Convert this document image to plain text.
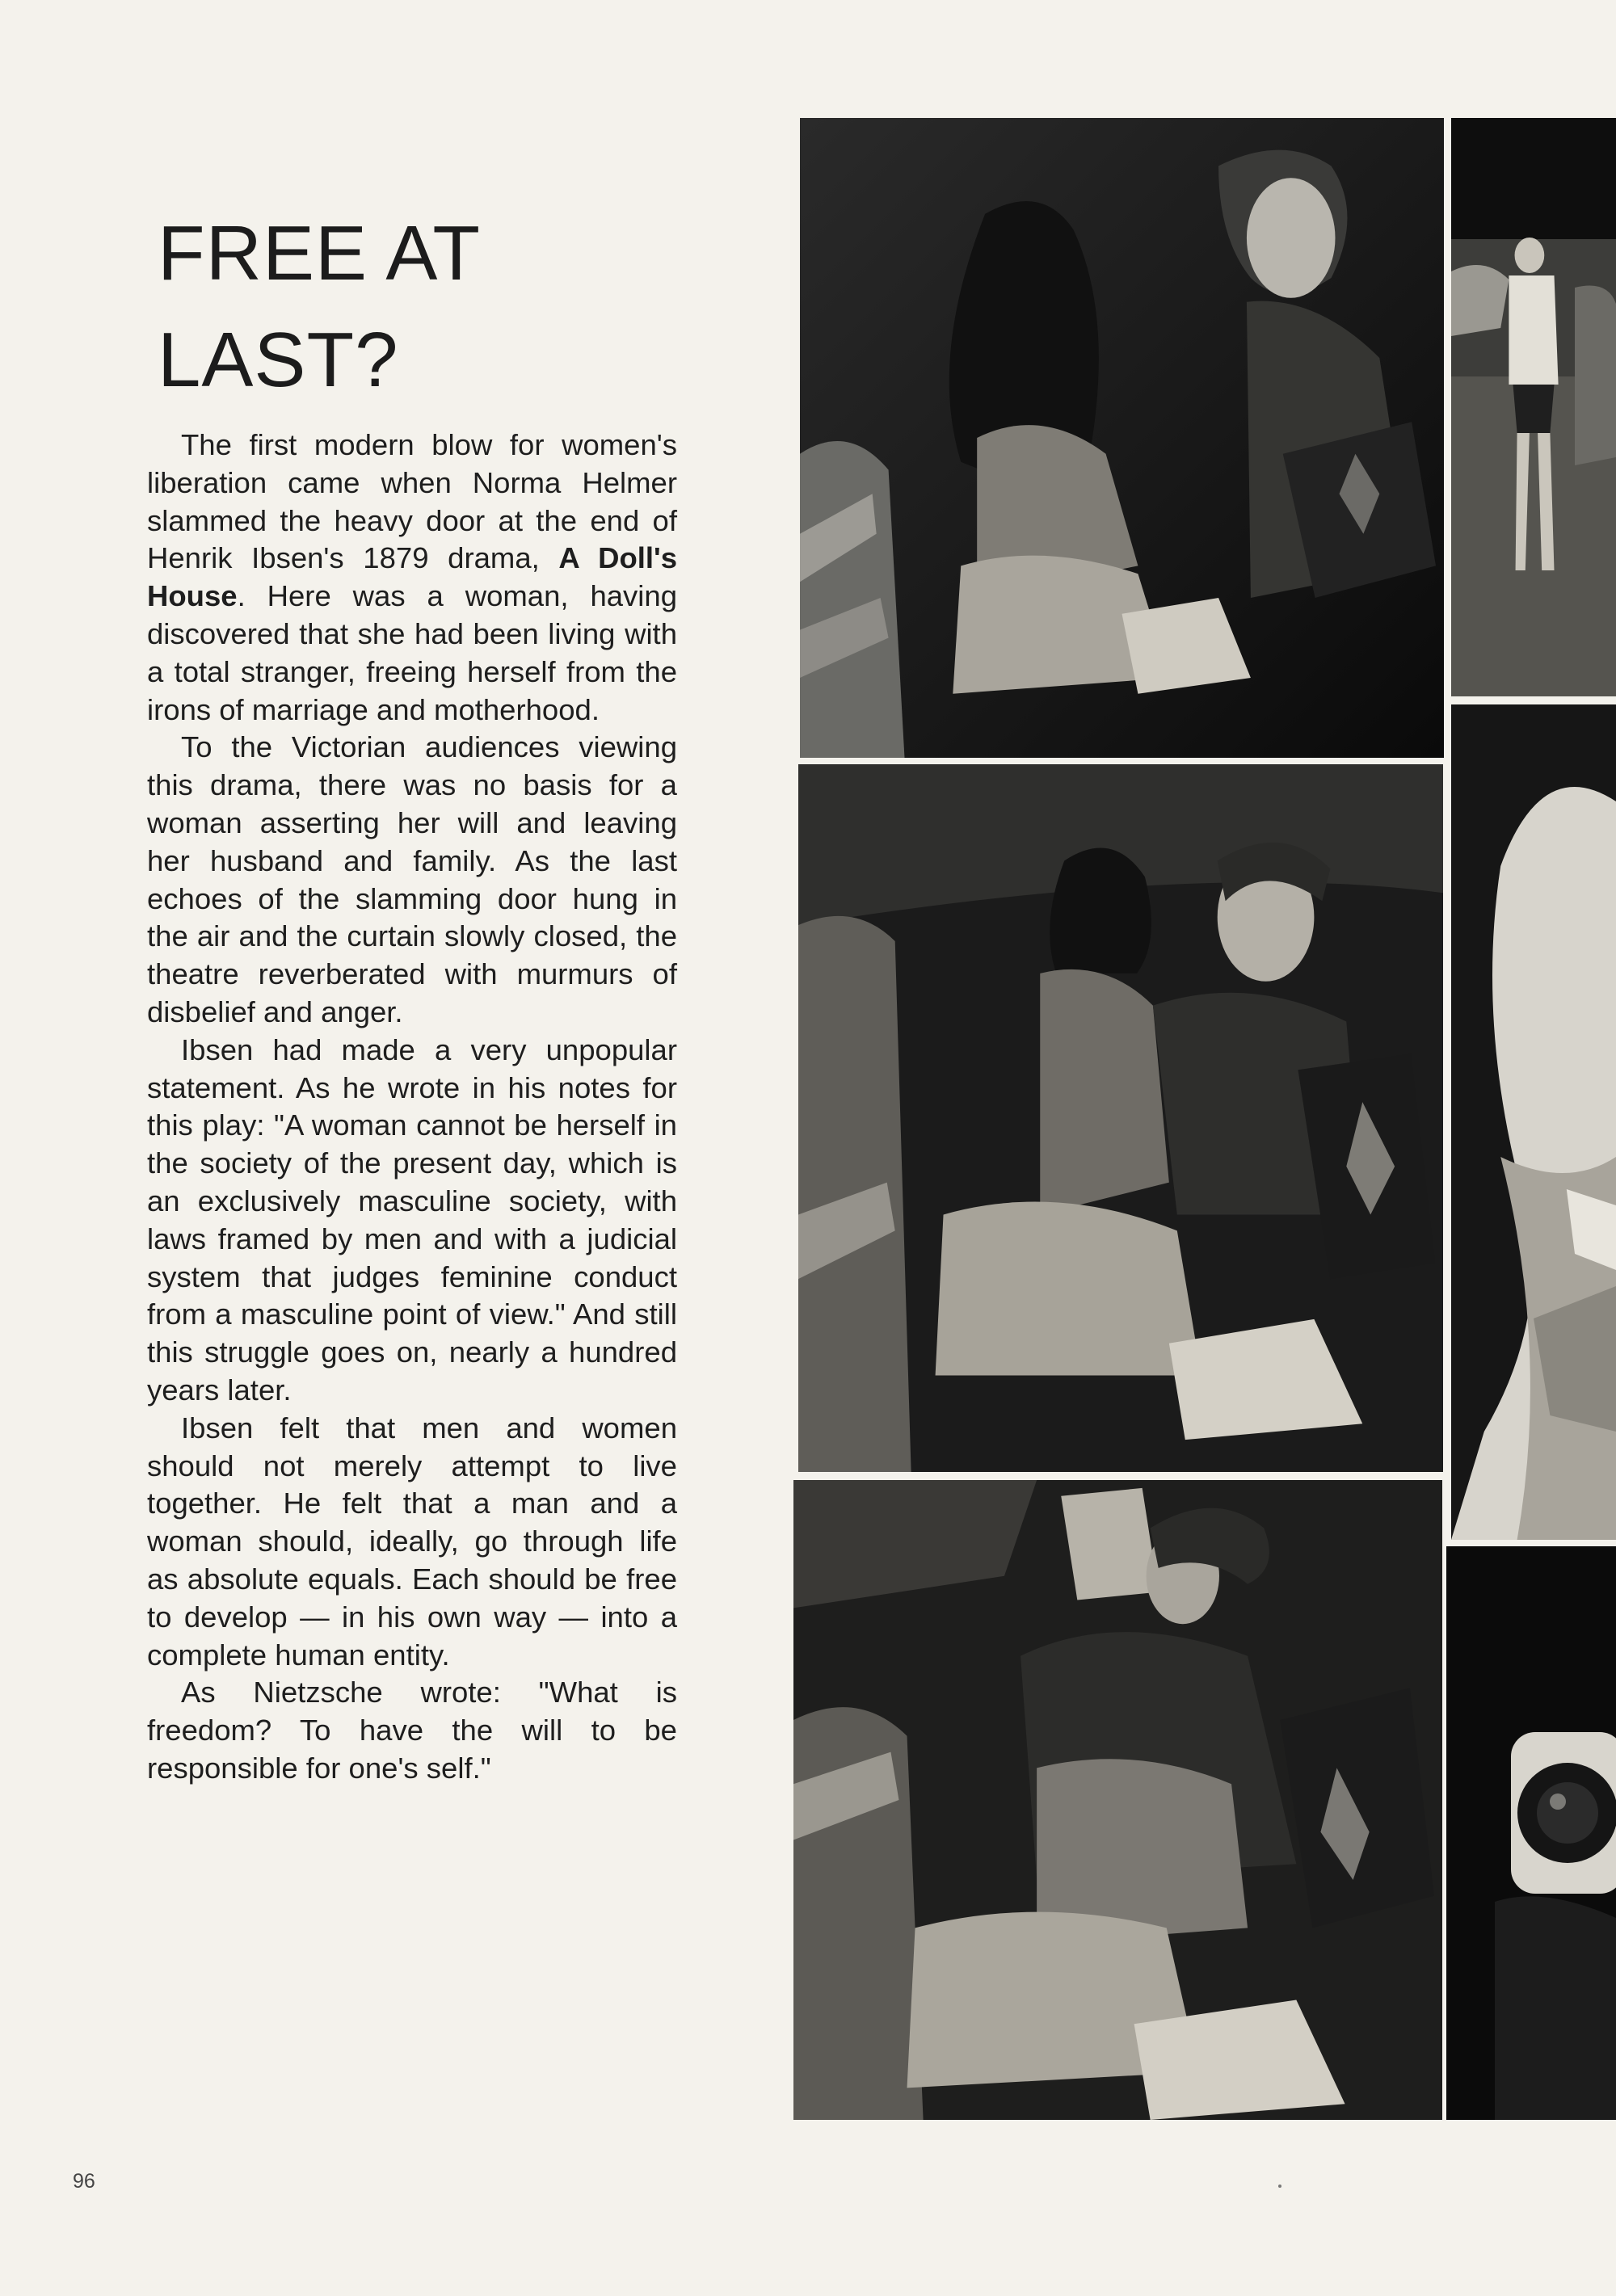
FREE AT
LAST?

The first modern blow for women's liberation came when Norma Helmer slammed the heavy door at the end of Henrik Ibsen's 1879 drama, A Doll's House. Here was a woman, having discovered that she had been living with a total stranger, freeing herself from the irons of marriage and motherhood.

To the Victorian audiences viewing this drama, there was no basis for a woman asserting her will and leaving her husband and family. As the last echoes of the slamming door hung in the air and the curtain slowly closed, the theatre reverberated with murmurs of disbelief and anger.

Ibsen had made a very unpopular statement. As he wrote in his notes for this play: "A woman cannot be herself in the society of the present day, which is an exclusively masculine society, with laws framed by men and with a judicial system that judges feminine conduct from a masculine point of view." And still this struggle goes on, nearly a hundred years later.

Ibsen felt that men and women should not merely attempt to live together. He felt that a man and a woman should, ideally, go through life as absolute equals. Each should be free to develop — in his own way — into a complete human entity.

As Nietzsche wrote: "What is freedom? To have the will to be responsible for one's self."

96
